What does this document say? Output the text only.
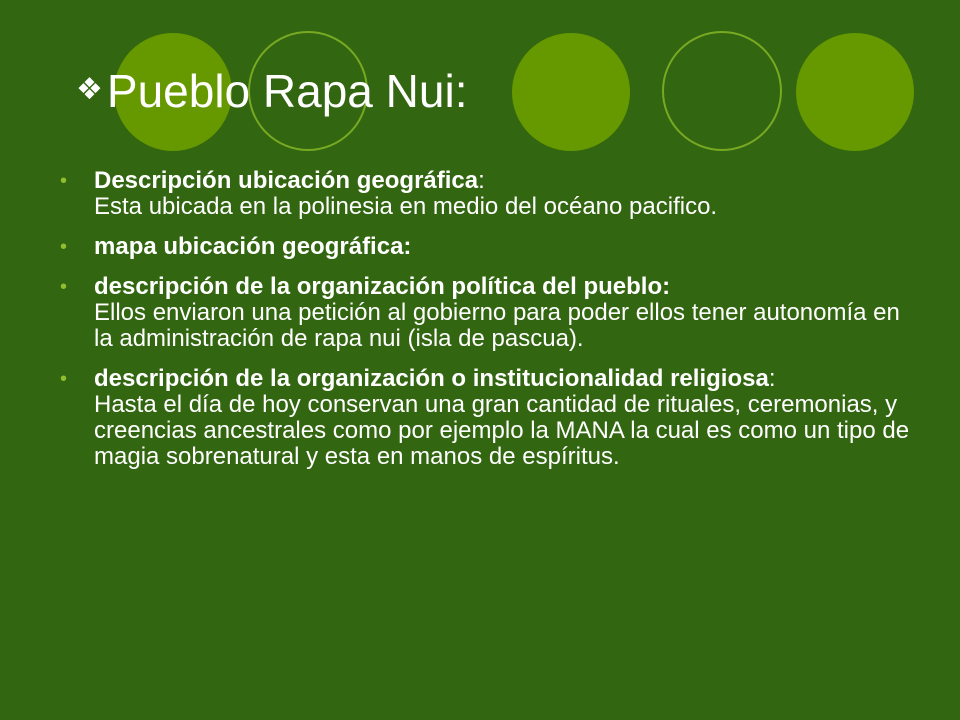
❖Pueblo Rapa Nui:
• Descripción ubicación geográfica:
Esta ubicada en la polinesia en medio del océano pacifico.
• mapa ubicación geográfica:
• descripción de la organización política del pueblo:
Ellos enviaron una petición al gobierno para poder ellos tener autonomía en la administración de rapa nui (isla de pascua).
• descripción de la organización o institucionalidad religiosa:
Hasta el día de hoy conservan una gran cantidad de rituales, ceremonias, y creencias ancestrales como por ejemplo la MANA la cual es como un tipo de magia sobrenatural y esta en manos de espíritus.
